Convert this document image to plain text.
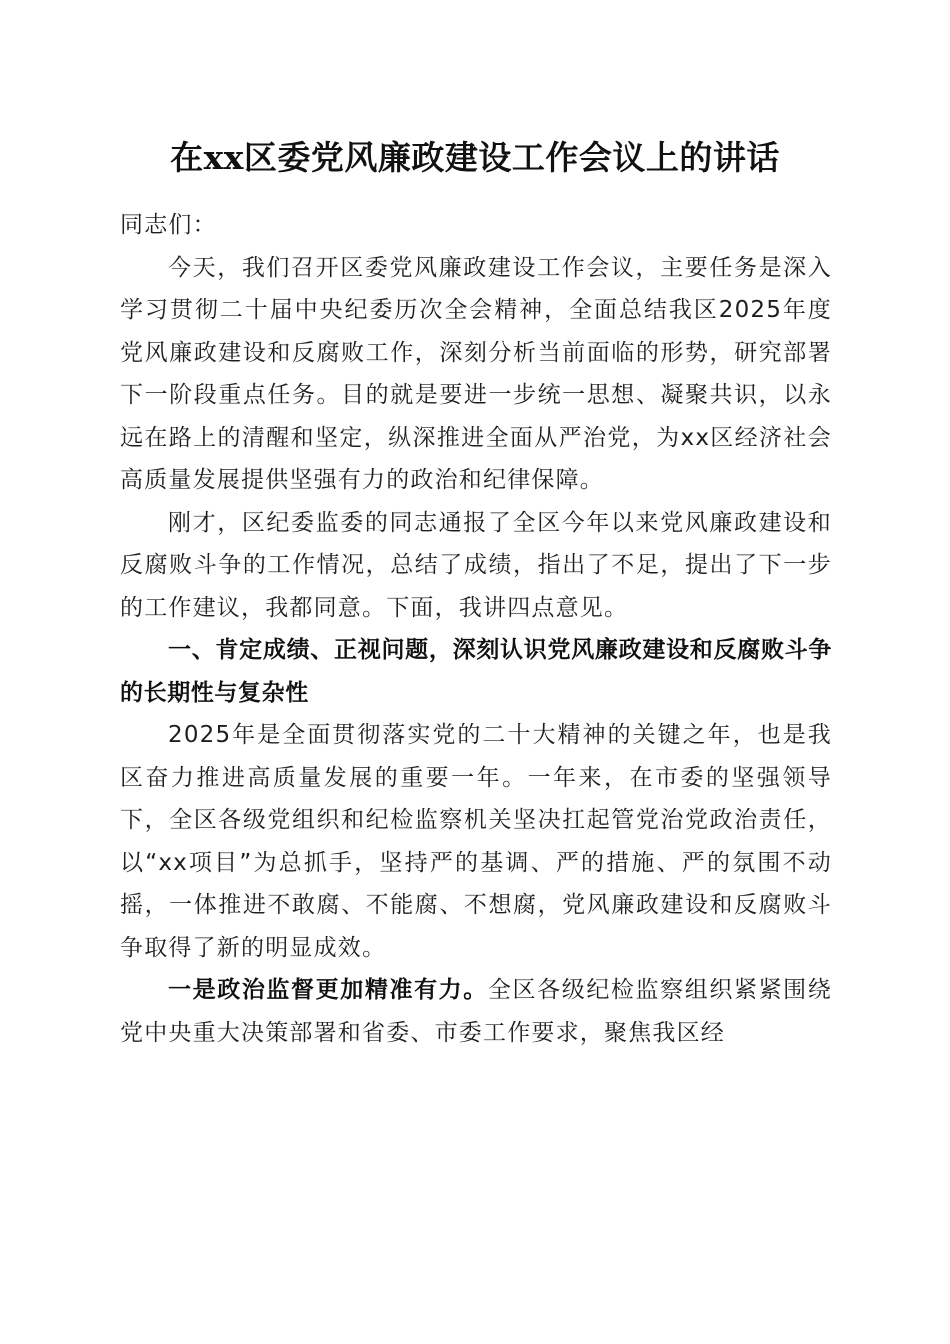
在xx区委党风廉政建设工作会议上的讲话

同志们：

今天，我们召开区委党风廉政建设工作会议，主要任务是深入学习贯彻二十届中央纪委历次全会精神，全面总结我区2025年度党风廉政建设和反腐败工作，深刻分析当前面临的形势，研究部署下一阶段重点任务。目的就是要进一步统一思想、凝聚共识，以永远在路上的清醒和坚定，纵深推进全面从严治党，为xx区经济社会高质量发展提供坚强有力的政治和纪律保障。

刚才，区纪委监委的同志通报了全区今年以来党风廉政建设和反腐败斗争的工作情况，总结了成绩，指出了不足，提出了下一步的工作建议，我都同意。下面，我讲四点意见。

一、肯定成绩、正视问题，深刻认识党风廉政建设和反腐败斗争的长期性与复杂性

2025年是全面贯彻落实党的二十大精神的关键之年，也是我区奋力推进高质量发展的重要一年。一年来，在市委的坚强领导下，全区各级党组织和纪检监察机关坚决扛起管党治党政治责任，以“xx项目”为总抓手，坚持严的基调、严的措施、严的氛围不动摇，一体推进不敢腐、不能腐、不想腐，党风廉政建设和反腐败斗争取得了新的明显成效。

一是政治监督更加精准有力。全区各级纪检监察组织紧紧围绕党中央重大决策部署和省委、市委工作要求，聚焦我区经
